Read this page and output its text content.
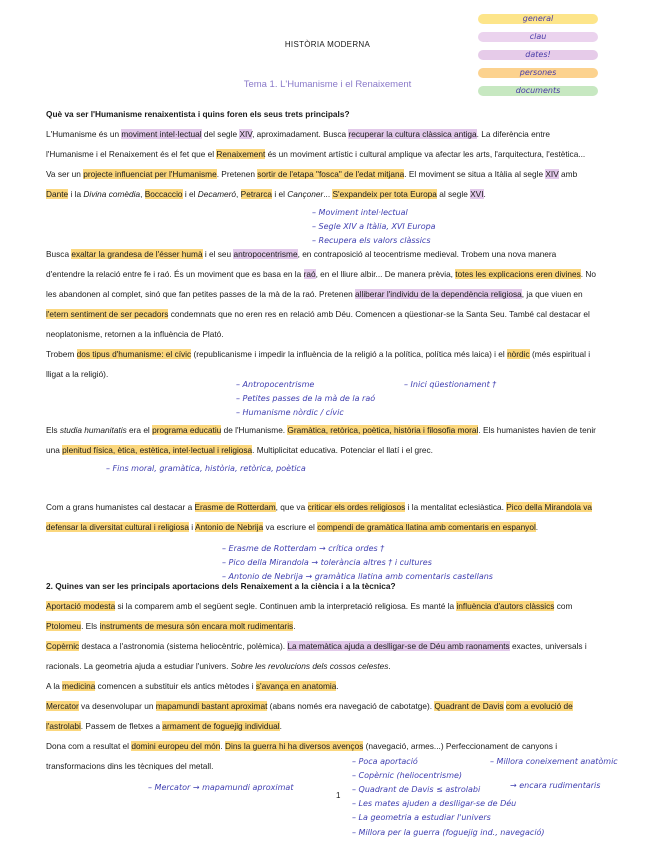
general
clau
dates!
persones
documents
HISTÒRIA MODERNA
Tema 1. L'Humanisme i el Renaixement

Què va ser l'Humanisme renaixentista i quins foren els seus trets principals?

L'Humanisme és un moviment intel·lectual del segle XIV, aproximadament. Busca recuperar la cultura clàssica antiga. La diferència entre l'Humanisme i el Renaixement és el fet que el Renaixement és un moviment artístic i cultural amplique va afectar les arts, l'arquitectura, l'estètica... Va ser un projecte influenciat per l'Humanisme. Pretenen sortir de l'etapa "fosca" de l'edat mitjana. El moviment se situa a Itàlia al segle XIV amb Dante i la Divina comèdia, Boccaccio i el Decameró, Petrarca i el Cançoner... S'expandeix per tota Europa al segle XVI.

Busca exaltar la grandesa de l'ésser humà i el seu antropocentrisme, en contraposició al teocentrisme medieval. Trobem una nova manera d'entendre la relació entre fe i raó. És un moviment que es basa en la raó, en el lliure albir... De manera prèvia, totes les explicacions eren divines. No les abandonen al complet, sinó que fan petites passes de la mà de la raó. Pretenen alliberar l'individu de la dependència religiosa, ja que viuen en l'etern sentiment de ser pecadors condemnats que no eren res en relació amb Déu. Comencen a qüestionar-se la Santa Seu. També cal destacar el neoplatonisme, retornen a la influència de Plató.

Trobem dos tipus d'humanisme: el cívic (republicanisme i impedir la influència de la religió a la política, política més laica) i el nòrdic (més espiritual i lligat a la religió).

Els studia humanitatis era el programa educatiu de l'Humanisme. Gramàtica, retòrica, poètica, història i filosofia moral. Els humanistes havien de tenir una plenitud física, ètica, estètica, intel·lectual i religiosa. Multiplicitat educativa. Potenciar el llatí i el grec.

Com a grans humanistes cal destacar a Erasme de Rotterdam, que va criticar els ordes religiosos i la mentalitat eclesiàstica. Pico della Mirandola va defensar la diversitat cultural i religiosa i Antonio de Nebrija va escriure el compendi de gramàtica llatina amb comentaris en espanyol.

2. Quines van ser les principals aportacions dels Renaixement a la ciència i a la tècnica?

Aportació modesta si la comparem amb el següent segle. Continuen amb la interpretació religiosa. Es manté la influència d'autors clàssics com Ptolomeu. Els instruments de mesura són encara molt rudimentaris.

Copèrnic destaca a l'astronomia (sistema heliocèntric, polèmica). La matemàtica ajuda a deslligar-se de Déu amb raonaments exactes, universals i racionals. La geometria ajuda a estudiar l'univers. Sobre les revolucions dels cossos celestes.

A la medicina comencen a substituir els antics mètodes i s'avança en anatomia.

Mercator va desenvolupar un mapamundi bastant aproximat (abans només era navegació de cabotatge). Quadrant de Davis com a evolució de l'astrolabi. Passem de fletxes a armament de foguejig individual.

Dona com a resultat el domini europeu del món. Dins la guerra hi ha diversos avenços (navegació, armes...) Perfeccionament de canyons i transformacions dins les tècniques del metall.

– Moviment intel·lectual
– Segle XIV a Itàlia, XVI Europa
– Recupera els valors clàssics
– Antropocentrisme
– Petites passes de la mà de la raó
– Humanisme nòrdic / cívic
– Inici qüestionament †
– Fins moral, gramàtica, història, retòrica, poètica
– Erasme de Rotterdam → crítica ordes †
– Pico della Mirandola → tolerància altres † i cultures
– Antonio de Nebrija → gramàtica llatina amb comentaris castellans
– Poca aportació	– Millora coneixement anatòmic
– Copèrnic (heliocentrisme)
– Quadrant de Davis ≤ astrolabi	→ encara rudimentaris
– Les mates ajuden a deslligar-se de Déu
– La geometria a estudiar l'univers
– Millora per la guerra (foguejig ind., navegació)
– Mercator → mapamundi aproximat
1
